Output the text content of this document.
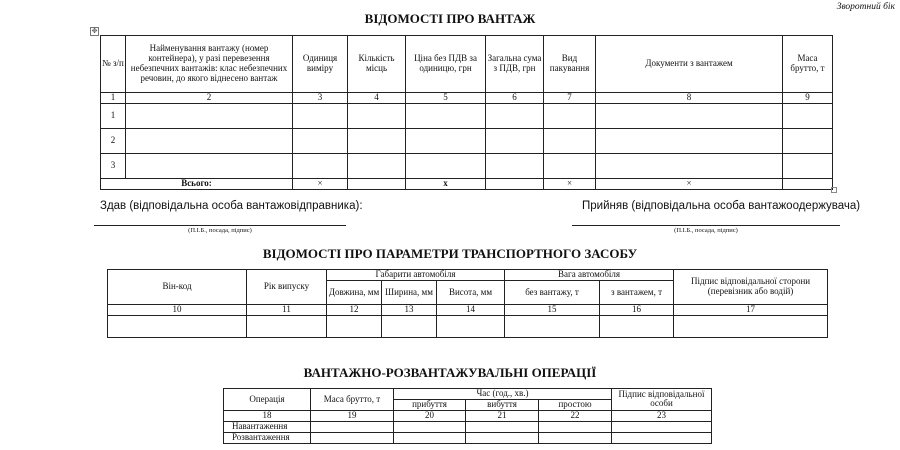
Зворотний бік
ВІДОМОСТІ ПРО ВАНТАЖ
✥
№ з/п	Найменування вантажу (номер контейнера), у разі перевезення небезпечних вантажів: клас небезпечних речовин, до якого віднесено вантаж	Одиниця виміру	Кількість місць	Ціна без ПДВ за одиницю, грн	Загальна сума з ПДВ, грн	Вид пакування	Документи з вантажем	Маса брутто, т
1	2	3	4	5	6	7	8	9
1								
2								
3								
Всього:		×		x		×	×	
Здав (відповідальна особа вантажовідправника):	Прийняв (відповідальна особа вантажоодержувача)
(П.І.Б., посада, підпис)	(П.І.Б., посада, підпис)
ВІДОМОСТІ ПРО ПАРАМЕТРИ ТРАНСПОРТНОГО ЗАСОБУ
Він-код	Рік випуску	Габарити автомобіля			Вага автомобіля		Підпис відповідальної сторони (перевізник або водій)
		Довжина, мм	Ширина, мм	Висота, мм	без вантажу, т	з вантажем, т	
10	11	12	13	14	15	16	17

ВАНТАЖНО-РОЗВАНТАЖУВАЛЬНІ ОПЕРАЦІЇ
Операція	Маса брутто, т	Час (год., хв.)			Підпис відповідальної особи
		прибуття	вибуття	простою	
18	19	20	21	22	23
Навантаження					
Розвантаження					
